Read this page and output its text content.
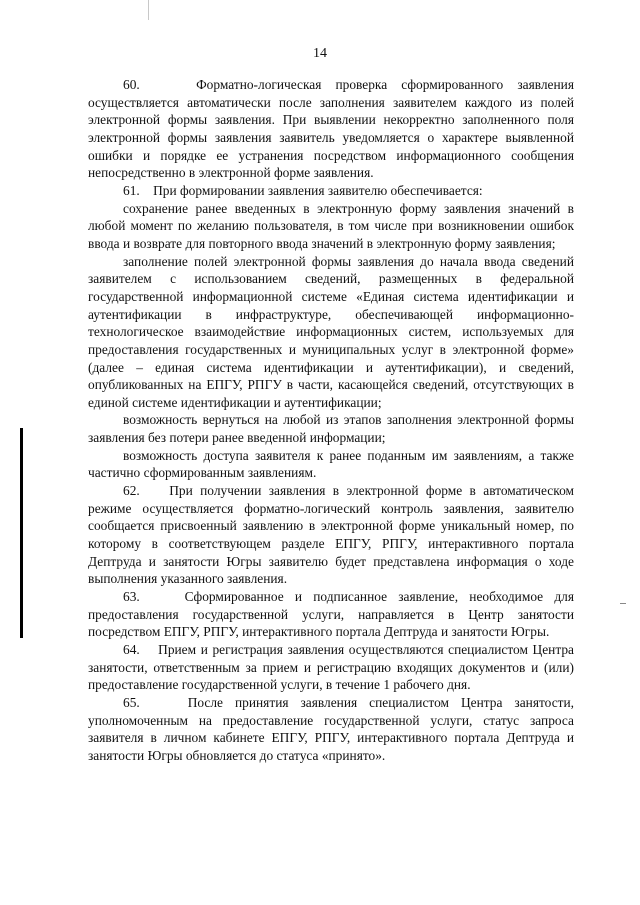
14

60.    Форматно-логическая проверка сформированного заявления осуществляется автоматически после заполнения заявителем каждого из полей электронной формы заявления. При выявлении некорректно заполненного поля электронной формы заявления заявитель уведомляется о характере выявленной ошибки и порядке ее устранения посредством информационного сообщения непосредственно в электронной форме заявления.

61.    При формировании заявления заявителю обеспечивается:

сохранение ранее введенных в электронную форму заявления значений в любой момент по желанию пользователя, в том числе при возникновении ошибок ввода и возврате для повторного ввода значений в электронную форму заявления;

заполнение полей электронной формы заявления до начала ввода сведений заявителем с использованием сведений, размещенных в федеральной государственной информационной системе «Единая система идентификации и аутентификации в инфраструктуре, обеспечивающей информационно-технологическое взаимодействие информационных систем, используемых для предоставления государственных и муниципальных услуг в электронной форме» (далее – единая система идентификации и аутентификации), и сведений, опубликованных на ЕПГУ, РПГУ в части, касающейся сведений, отсутствующих в единой системе идентификации и аутентификации;

возможность вернуться на любой из этапов заполнения электронной формы заявления без потери ранее введенной информации;

возможность доступа заявителя к ранее поданным им заявлениям, а также частично сформированным заявлениям.

62.    При получении заявления в электронной форме в автоматическом режиме осуществляется форматно-логический контроль заявления, заявителю сообщается присвоенный заявлению в электронной форме уникальный номер, по которому в соответствующем разделе ЕПГУ, РПГУ, интерактивного портала Дептруда и занятости Югры заявителю будет представлена информация о ходе выполнения указанного заявления.

63.    Сформированное и подписанное заявление, необходимое для предоставления государственной услуги, направляется в Центр занятости посредством ЕПГУ, РПГУ, интерактивного портала Дептруда и занятости Югры.

64.    Прием и регистрация заявления осуществляются специалистом Центра занятости, ответственным за прием и регистрацию входящих документов и (или) предоставление государственной услуги, в течение 1 рабочего дня.

65.    После принятия заявления специалистом Центра занятости, уполномоченным на предоставление государственной услуги, статус запроса заявителя в личном кабинете ЕПГУ, РПГУ, интерактивного портала Дептруда и занятости Югры обновляется до статуса «принято».
